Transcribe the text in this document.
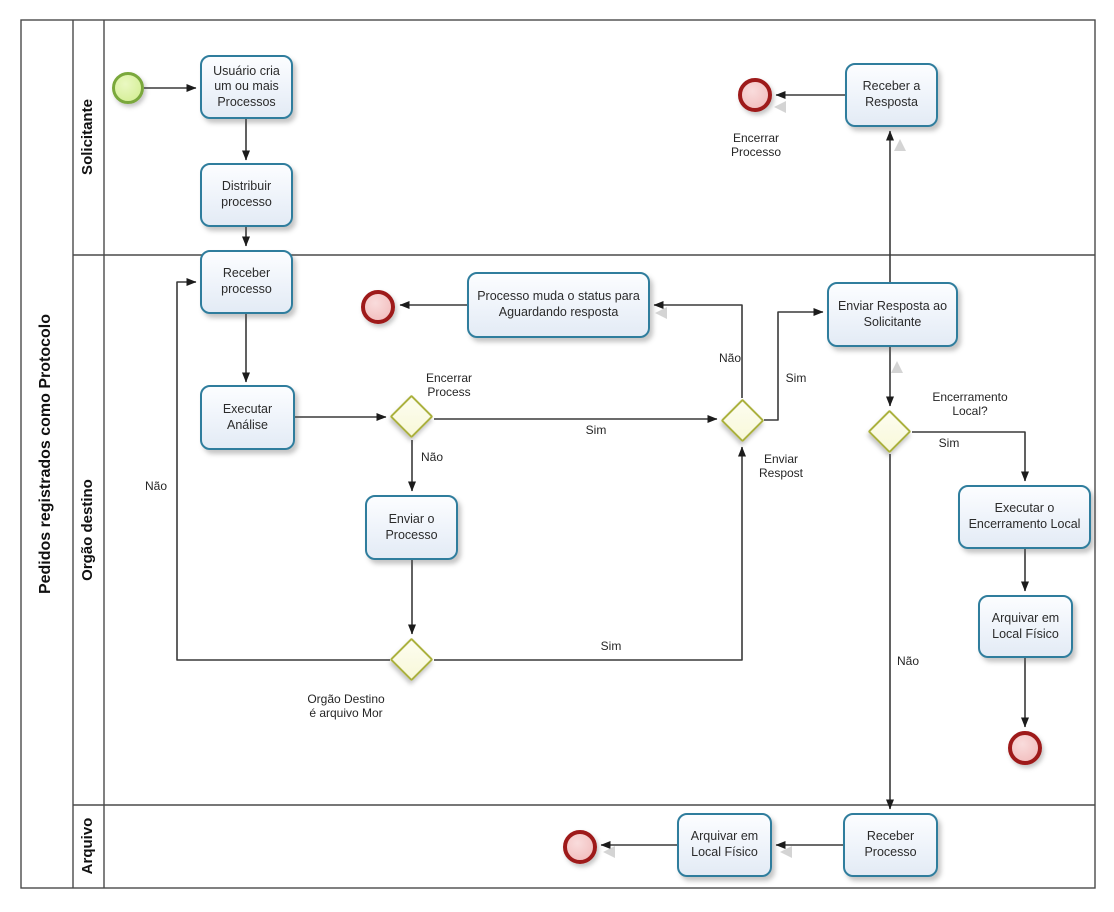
Pedidos registrados como Protocolo
Solicitante
Orgão destino
Arquivo
Usuário cria um ou mais Processos
Distribuir processo
Receber processo
Executar Análise
Enviar o Processo
Processo muda o status para Aguardando resposta	Enviar Resposta ao Solicitante
Receber a Resposta
Executar o Encerramento Local
Arquivar em Local Físico
Arquivar em Local Físico
Receber Processo
Encerrar Process
Enviar Respost
Encerramento Local?
Orgão Destino é arquivo Mor
Encerrar Processo
Sim
Não
Sim
Não
Sim
Não
Sim
Não
